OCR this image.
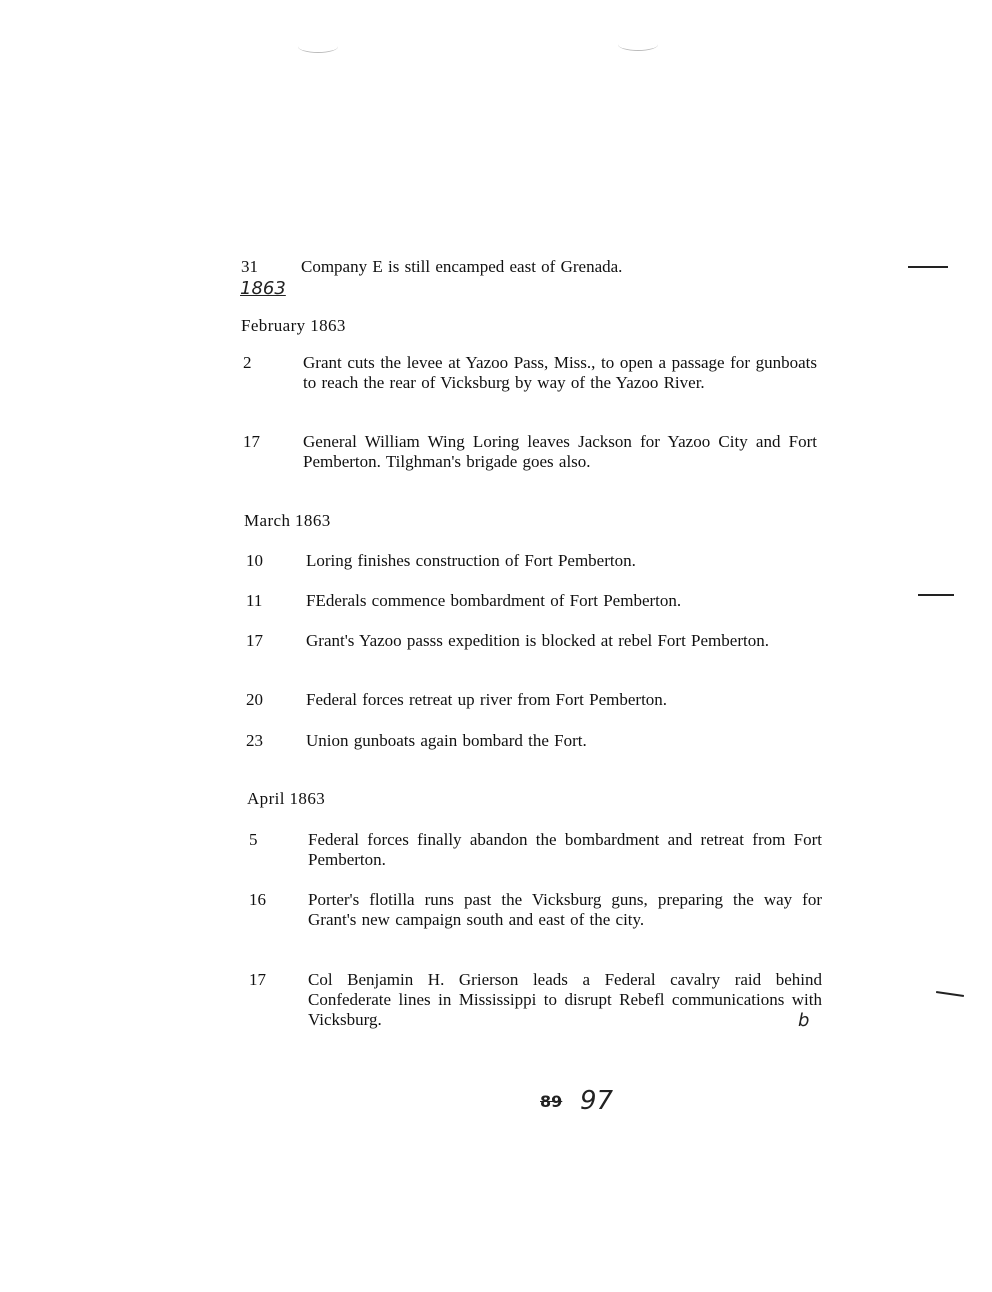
31	Company E is still encamped east of Grenada.
1863
February 1863
2	Grant cuts the levee at Yazoo Pass, Miss., to open a passage for gunboats to reach the rear of Vicksburg by way of the Yazoo River.
17	General William Wing Loring leaves Jackson for Yazoo City and Fort Pemberton. Tilghman's brigade goes also.
March 1863
10	Loring finishes construction of Fort Pemberton.
11	FEderals commence bombardment of Fort Pemberton.
17	Grant's Yazoo passs expedition is blocked at rebel Fort Pemberton.
20	Federal forces retreat up river from Fort Pemberton.
23	Union gunboats again bombard the Fort.
April 1863
5	Federal forces finally abandon the bombardment and retreat from Fort Pemberton.
16 Porter's flotilla runs past the Vicksburg guns, preparing the way for Grant's new campaign south and east of the city.
17 Col Benjamin H. Grierson leads a Federal cavalry raid behind Confederate lines in Mississippi to disrupt Rebefl communications with Vicksburg.	b
89 97
